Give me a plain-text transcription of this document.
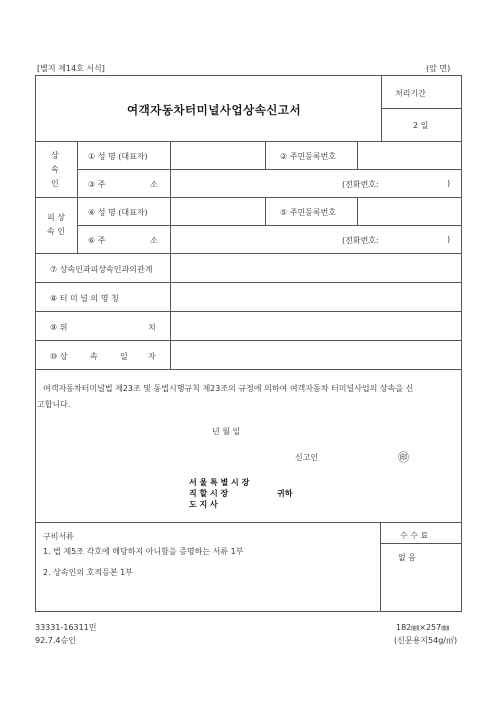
[별지 제14호 서식]	(앞 면)
여객자동차터미널사업상속신고서
처리기간
2 일
상
속
인
① 성 명 (대표자)	② 주민등록번호
③ 주	소	(전화번호:	)
피 상
속 인
④ 성 명 (대표자)	⑤ 주민등록번호
⑥ 주	소	(전화번호:	)
⑦ 상속인과피상속인과의관계
⑧ 터 미 널 의 명 칭
⑨ 위	치
⑩ 상	속	일	자
여객자동차터미널법 제23조 및 동법시행규칙 제23조의 규정에 의하여 여객자동차 터미널사업의 상속을 신
고합니다.
년 월 일
신고인	㊞
서 울 특 별 시 장
직 할 시 장
도 지 사
귀하
구비서류
1. 법 제5조 각호에 해당하지 아니함을 증명하는 서류 1부
2. 상속인의 호적등본 1부
수 수 료
없 음
33331-16311민
92.7.4승인
182㎜×257㎜
(신문용지54g/㎡)
